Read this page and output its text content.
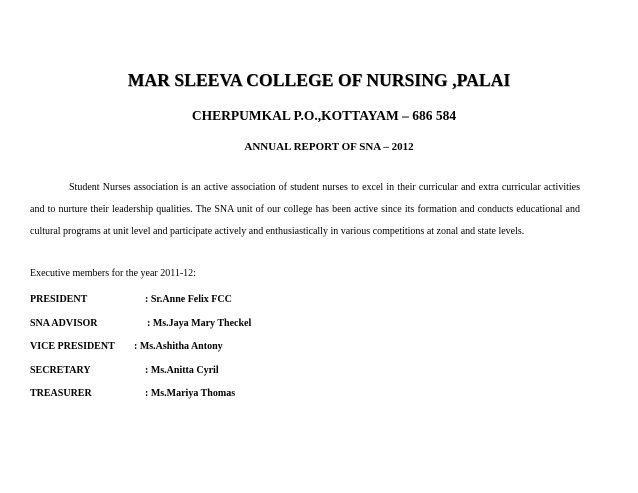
MAR SLEEVA COLLEGE OF NURSING ,PALAI
CHERPUMKAL P.O.,KOTTAYAM – 686 584
ANNUAL REPORT OF SNA – 2012

Student Nurses association is an active association of student nurses to excel in their curricular and extra curricular activities and to nurture their leadership qualities. The SNA unit of our college has been active since its formation and conducts educational and cultural programs at unit level and participate actively and enthusiastically in various competitions at zonal and state levels.

Executive members for the year 2011-12:
PRESIDENT	: Sr.Anne Felix FCC
SNA ADVISOR	: Ms.Jaya Mary Theckel
VICE PRESIDENT : Ms.Ashitha Antony
SECRETARY	: Ms.Anitta Cyril
TREASURER	: Ms.Mariya Thomas
